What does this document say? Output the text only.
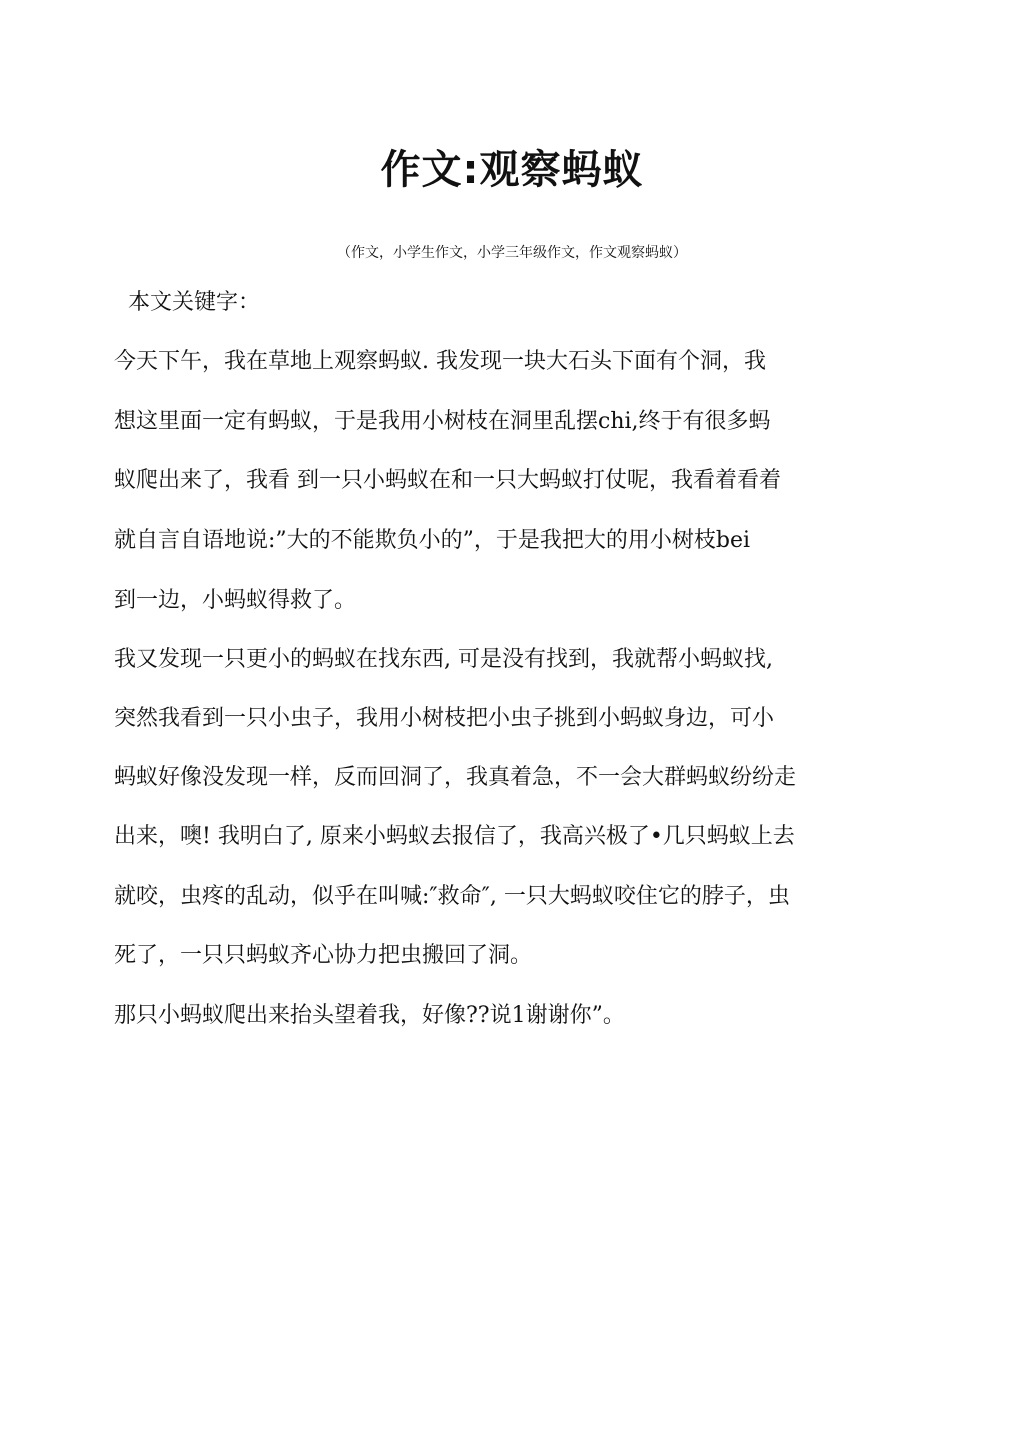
作文:观察蚂蚁

（作文，小学生作文，小学三年级作文，作文观察蚂蚁）

本文关键字：

今天下午，我在草地上观察蚂蚁. 我发现一块大石头下面有个洞，我

想这里面一定有蚂蚁，于是我用小树枝在洞里乱摆chi,终于有很多蚂

蚁爬出来了，我看 到一只小蚂蚁在和一只大蚂蚁打仗呢，我看着看着

就自言自语地说:”大的不能欺负小的”，于是我把大的用小树枝bei

到一边，小蚂蚁得救了。

我又发现一只更小的蚂蚁在找东西, 可是没有找到，我就帮小蚂蚁找,

突然我看到一只小虫子，我用小树枝把小虫子挑到小蚂蚁身边，可小

蚂蚁好像没发现一样，反而回洞了，我真着急，不一会大群蚂蚁纷纷走

出来，噢! 我明白了, 原来小蚂蚁去报信了，我高兴极了•几只蚂蚁上去

就咬，虫疼的乱动，似乎在叫喊:″救命″, 一只大蚂蚁咬住它的脖子，虫

死了，一只只蚂蚁齐心协力把虫搬回了洞。

那只小蚂蚁爬出来抬头望着我，好像??说1谢谢你”。
